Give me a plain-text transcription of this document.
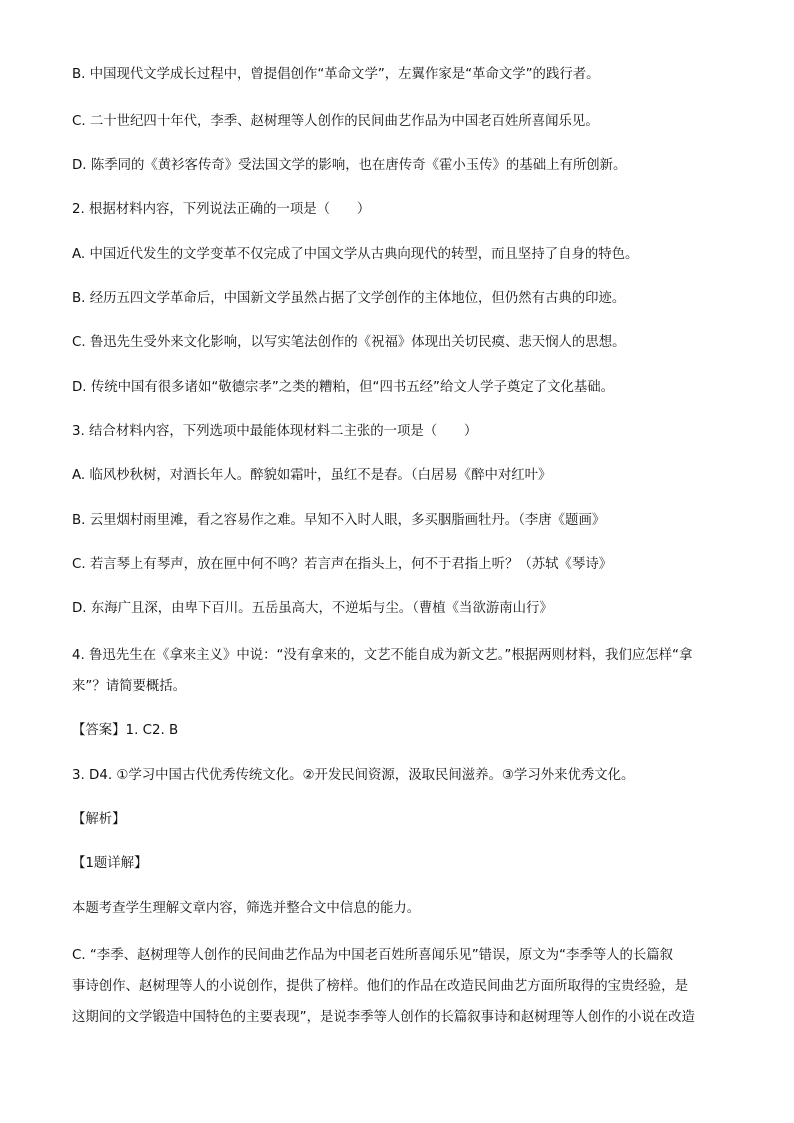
B. 中国现代文学成长过程中，曾提倡创作“革命文学”，左翼作家是“革命文学”的践行者。
C. 二十世纪四十年代，李季、赵树理等人创作的民间曲艺作品为中国老百姓所喜闻乐见。
D. 陈季同的《黄衫客传奇》受法国文学的影响，也在唐传奇《霍小玉传》的基础上有所创新。
2. 根据材料内容，下列说法正确的一项是（　　）
A. 中国近代发生的文学变革不仅完成了中国文学从古典向现代的转型，而且坚持了自身的特色。
B. 经历五四文学革命后，中国新文学虽然占据了文学创作的主体地位，但仍然有古典的印迹。
C. 鲁迅先生受外来文化影响，以写实笔法创作的《祝福》体现出关切民瘼、悲天悯人的思想。
D. 传统中国有很多诸如“敬德宗孝”之类的糟粕，但“四书五经”给文人学子奠定了文化基础。
3. 结合材料内容，下列选项中最能体现材料二主张的一项是（　　）
A. 临风杪秋树，对酒长年人。醉貌如霜叶，虽红不是春。（白居易《醉中对红叶》
B. 云里烟村雨里滩，看之容易作之难。早知不入时人眼，多买胭脂画牡丹。（李唐《题画》
C. 若言琴上有琴声，放在匣中何不鸣？若言声在指头上，何不于君指上听？（苏轼《琴诗》
D. 东海广且深，由卑下百川。五岳虽高大，不逆垢与尘。（曹植《当欲游南山行》
4. 鲁迅先生在《拿来主义》中说：“没有拿来的，文艺不能自成为新文艺。”根据两则材料，我们应怎样“拿
来”？请简要概括。
【答案】1. C2. B
3. D4. ①学习中国古代优秀传统文化。②开发民间资源，汲取民间滋养。③学习外来优秀文化。
【解析】
【1题详解】
本题考查学生理解文章内容，筛选并整合文中信息的能力。
C. “李季、赵树理等人创作的民间曲艺作品为中国老百姓所喜闻乐见”错误，原文为“李季等人的长篇叙
事诗创作、赵树理等人的小说创作，提供了榜样。他们的作品在改造民间曲艺方面所取得的宝贵经验，是
这期间的文学锻造中国特色的主要表现”，是说李季等人创作的长篇叙事诗和赵树理等人创作的小说在改造
